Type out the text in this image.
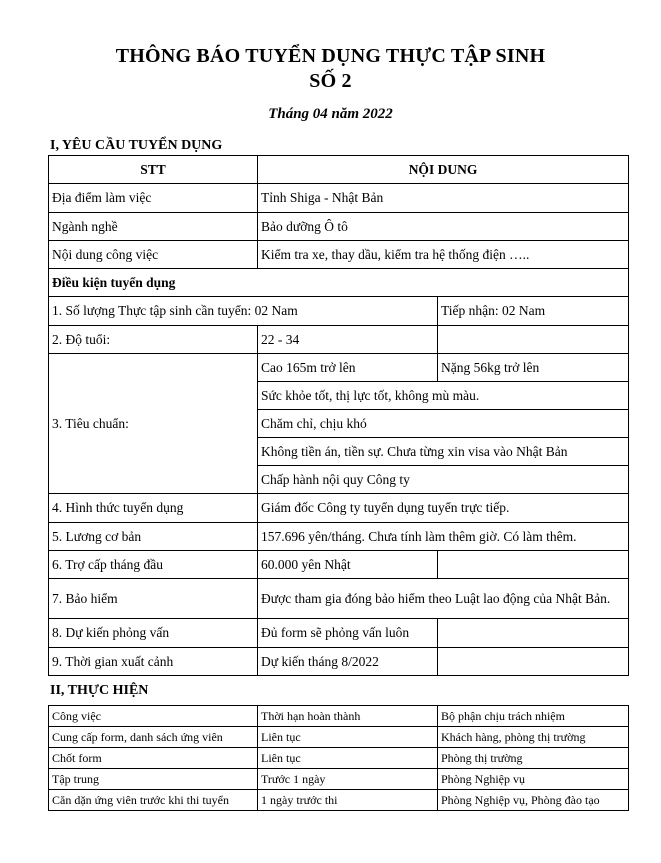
THÔNG BÁO TUYỂN DỤNG THỰC TẬP SINH
SỐ 2
Tháng 04 năm 2022
I, YÊU CẦU TUYỂN DỤNG
STT	NỘI DUNG	
Địa điểm làm việc	Tỉnh Shiga - Nhật Bản	
Ngành nghề	Bảo dưỡng Ô tô	
Nội dung công việc	Kiểm tra xe, thay dầu, kiểm tra hệ thống điện …..	
Điều kiện tuyển dụng		
1. Số lượng Thực tập sinh cần tuyển: 02 Nam		Tiếp nhận: 02 Nam
2. Độ tuổi:	22 - 34	
3. Tiêu chuẩn:	Cao 165m trở lên	Nặng 56kg trở lên
	Sức khỏe tốt, thị lực tốt, không mù màu.	
	Chăm chỉ, chịu khó	
	Không tiền án, tiền sự. Chưa từng xin visa vào Nhật Bản	
	Chấp hành nội quy Công ty	
4. Hình thức tuyển dụng	Giám đốc Công ty tuyển dụng tuyển trực tiếp.	
5. Lương cơ bản	157.696 yên/tháng. Chưa tính làm thêm giờ. Có làm thêm.	
6. Trợ cấp tháng đầu	60.000 yên Nhật	
7. Bảo hiểm	Được tham gia đóng bảo hiểm theo Luật lao động của Nhật Bản.	
8. Dự kiến phỏng vấn	Đủ form sẽ phỏng vấn luôn	
9. Thời gian xuất cảnh	Dự kiến tháng 8/2022	
II, THỰC HIỆN
Công việc	Thời hạn hoàn thành	Bộ phận chịu trách nhiệm
Cung cấp form, danh sách ứng viên	Liên tục	Khách hàng, phòng thị trường
Chốt form	Liên tục	Phòng thị trường
Tập trung	Trước 1 ngày	Phòng Nghiệp vụ
Căn dặn ứng viên trước khi thi tuyển	1 ngày trước thi	Phòng Nghiệp vụ, Phòng đào tạo
